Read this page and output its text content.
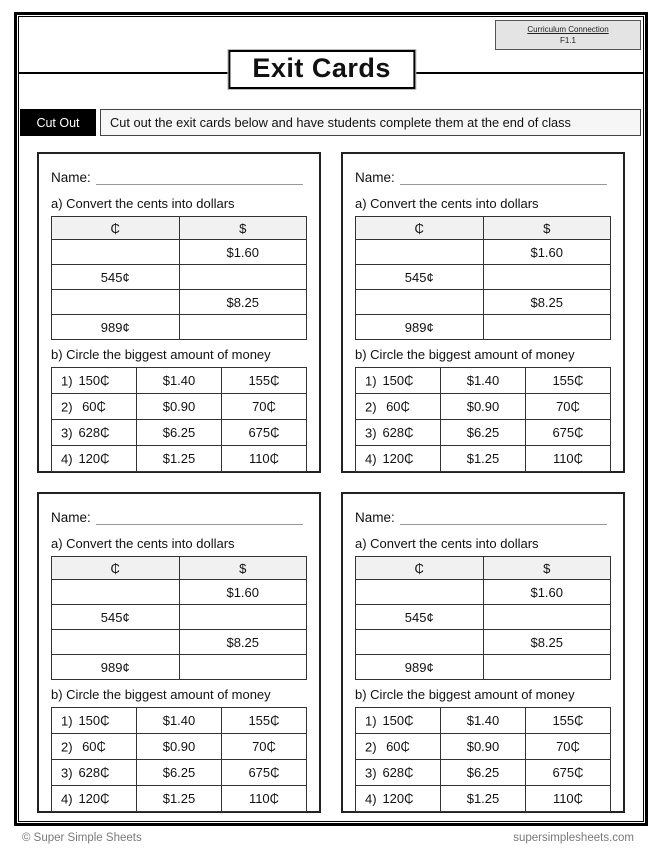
Curriculum Connection
F1.1
Exit Cards
Cut Out	Cut out the exit cards below and have students complete them at the end of class
Name:
a) Convert the cents into dollars
₵	$
	$1.60
545¢	
	$8.25
989¢	
b) Circle the biggest amount of money
1) 150₵	$1.40	155₵

2) 60₵	$0.90	70₵

3) 628₵	$6.25	675₵

4) 120₵	$1.25	110₵
Name:
a) Convert the cents into dollars
₵	$
	$1.60
545¢	
	$8.25
989¢	
b) Circle the biggest amount of money
1) 150₵	$1.40	155₵

2) 60₵	$0.90	70₵

3) 628₵	$6.25	675₵

4) 120₵	$1.25	110₵
Name:
a) Convert the cents into dollars
₵	$
	$1.60
545¢	
	$8.25
989¢	
b) Circle the biggest amount of money
1) 150₵	$1.40	155₵

2) 60₵	$0.90	70₵

3) 628₵	$6.25	675₵

4) 120₵	$1.25	110₵
Name:
a) Convert the cents into dollars
₵	$
	$1.60
545¢	
	$8.25
989¢	
b) Circle the biggest amount of money
1) 150₵	$1.40	155₵

2) 60₵	$0.90	70₵

3) 628₵	$6.25	675₵

4) 120₵	$1.25	110₵
© Super Simple Sheets	supersimplesheets.com
